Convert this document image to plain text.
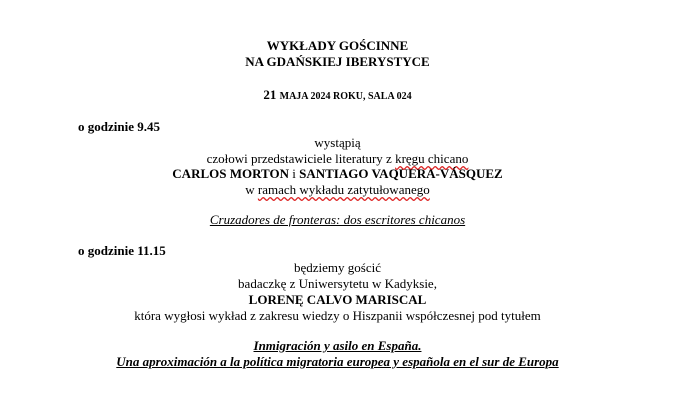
WYKŁADY GOŚCINNE
NA GDAŃSKIEJ IBERYSTYCE
21 MAJA 2024 ROKU, SALA 024
o godzinie 9.45
wystąpią
czołowi przedstawiciele literatury z kręgu chicano
CARLOS MORTON i SANTIAGO VAQUERA-VÁSQUEZ
w ramach wykładu zatytułowanego
Cruzadores de fronteras: dos escritores chicanos
o godzinie 11.15
będziemy gościć
badaczkę z Uniwersytetu w Kadyksie,
LORENĘ CALVO MARISCAL
która wygłosi wykład z zakresu wiedzy o Hiszpanii współczesnej pod tytułem
Inmigración y asilo en España.
Una aproximación a la política migratoria europea y española en el sur de Europa
